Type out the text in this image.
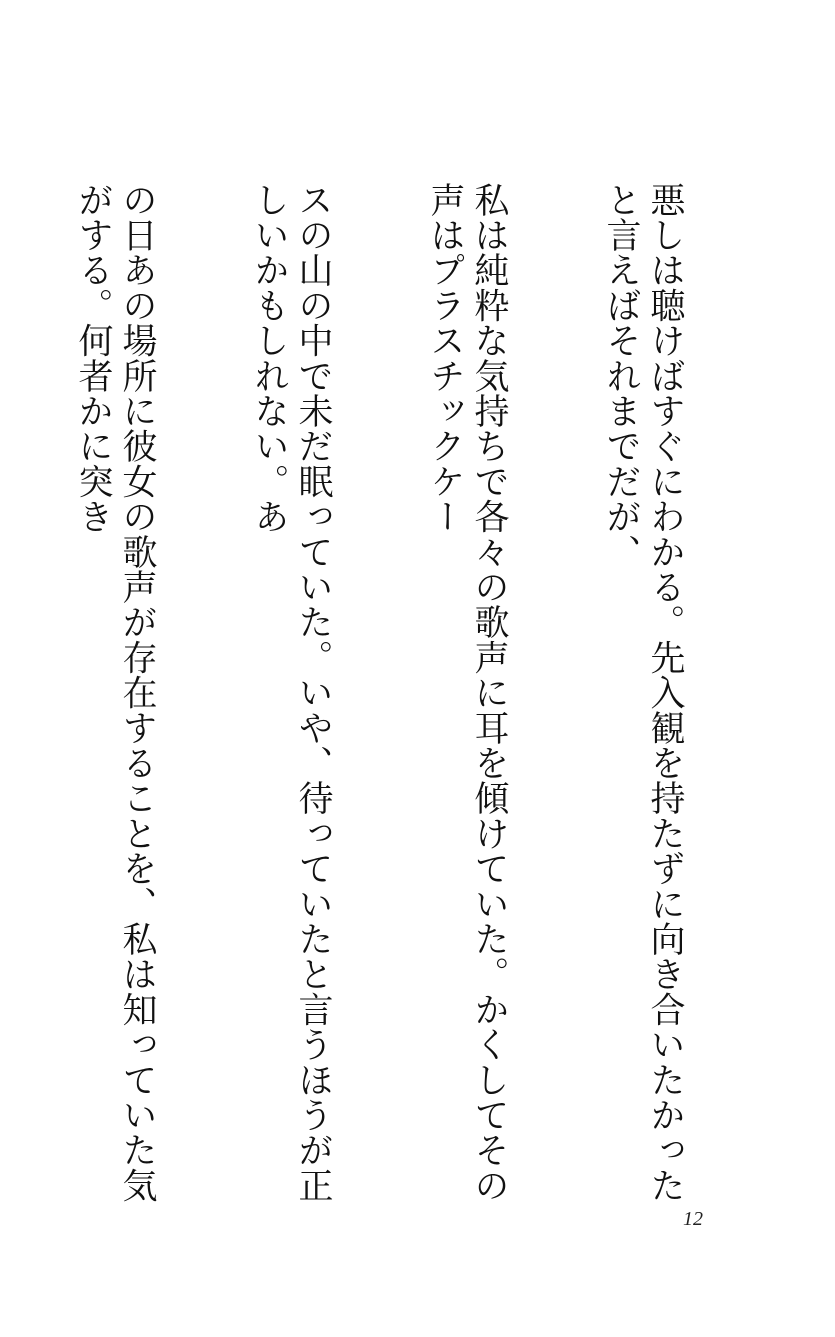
悪しは聴けばすぐにわかる。先入観を持たずに向き合いたかったと言えばそれまでだが、

私は純粋な気持ちで各々の歌声に耳を傾けていた。かくしてその声はプラスチックケー

スの山の中で未だ眠っていた。いや、待っていたと言うほうが正しいかもしれない。あ

の日あの場所に彼女の歌声が存在することを、私は知っていた気がする。何者かに突き

12
